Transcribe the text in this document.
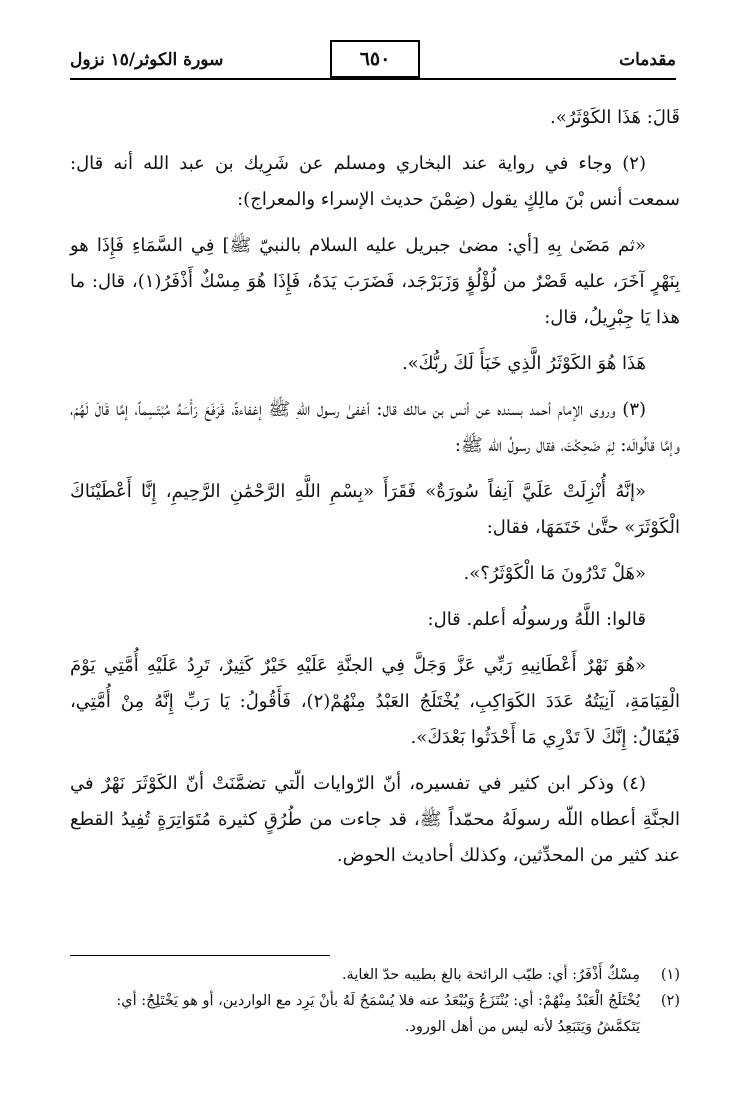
مقدمات
٦٥٠
سورة الكوثر/١٥ نزول

قَالَ: هَذَا الكَوْثَرُ».

(٢) وجاء في رواية عند البخاري ومسلم عن شَرِيك بن عبد الله أنه قال: سمعت أنس بْنَ مالِكٍ يقول (ضِمْنَ حديث الإسراء والمعراج):

«ثم مَضَىٰ بِهِ [أي: مضىٰ جبريل عليه السلام بالنبيّ ﷺ] فِي السَّمَاءِ فَإِذَا هو بِنَهْرٍ آخَرَ، عليه قَصْرٌ من لُؤْلُؤٍ وَزَبَرْجَد، فَضَرَبَ يَدَهُ، فَإِذَا هُوَ مِسْكٌ أَذْفَرُ(١)، قال: ما هذا يَا جِبْرِيلُ، قال:

هَذَا هُوَ الكَوْثَرُ الَّذِي خَبَأَ لَكَ ربُّكَ».

(٣) وروى الإمام أحمد بسنده عن أنس بن مالك قال: أغفىٰ رسول اللهِ ﷺ إغفاءةً، فَرَفَعَ رَأْسَهُ مُبْتَسِماً، إمَّا قَالَ لَهُمْ، وإمَّا قالُوالَه: لِمَ ضَحِكْتَ، فقال رسولُ الله ﷺ:

«إنَّهُ أُنْزِلَتْ عَلَيَّ آنِفاً سُورَةٌ» فَقَرَأَ «بِسْمِ اللَّهِ الرَّحْمَٰنِ الرَّحِيمِ، إِنَّا أَعْطَيْنَاكَ الْكَوْثَرَ» حتَّىٰ خَتَمَهَا، فقال:

«هَلْ تَدْرُونَ مَا الْكَوْثَرُ؟».

قالوا: اللَّهُ ورسولُه أعلم. قال:

«هُوَ نَهْرٌ أَعْطَانِيهِ رَبِّي عَزَّ وَجَلَّ فِي الجنَّةِ عَلَيْهِ خَيْرٌ كَثِيرٌ، تَرِدُ عَلَيْهِ أُمَّتِي يَوْمَ الْقِيَامَةِ، آنِيَتُهُ عَدَدَ الكَوَاكِبِ، يُخْتَلَجُ العَبْدُ مِنْهُمْ(٢)، فَأَقُولُ: يَا رَبِّ إِنَّهُ مِنْ أُمَّتِي، فَيُقَالُ: إِنَّكَ لاَ تَدْرِي مَا أَحْدَثُوا بَعْدَكَ».

(٤) وذكر ابن كثير في تفسيره، أنّ الرّوايات الّتي تضمَّنَتْ أنّ الكَوْثَرَ نَهْرٌ في الجنَّةِ أعطاه اللّه رسولَهُ محمّداً ﷺ، قد جاءت من طُرُقٍ كثيرة مُتَوَاتِرَةٍ تُفِيدُ القطع عند كثير من المحدِّثين، وكذلك أحاديث الحوض.

(١)
مِسْكٌ أَذْفَرُ: أي: طيّب الرائحة بالغ بطيبه حدّ الغاية.
(٢)
يُخْتَلَجُ الْعَبْدُ مِنْهُمْ: أي: يُنْتَزَعُ وَيُبْعَدُ عنه فلا يُسْمَحُ لَهُ بأنْ يَرِد مع الواردين، أو هو يَخْتَلِجُ: أي: يَتَكمَّشُ وَيَتَبَعِدُ لأنه ليس من أهل الورود.
